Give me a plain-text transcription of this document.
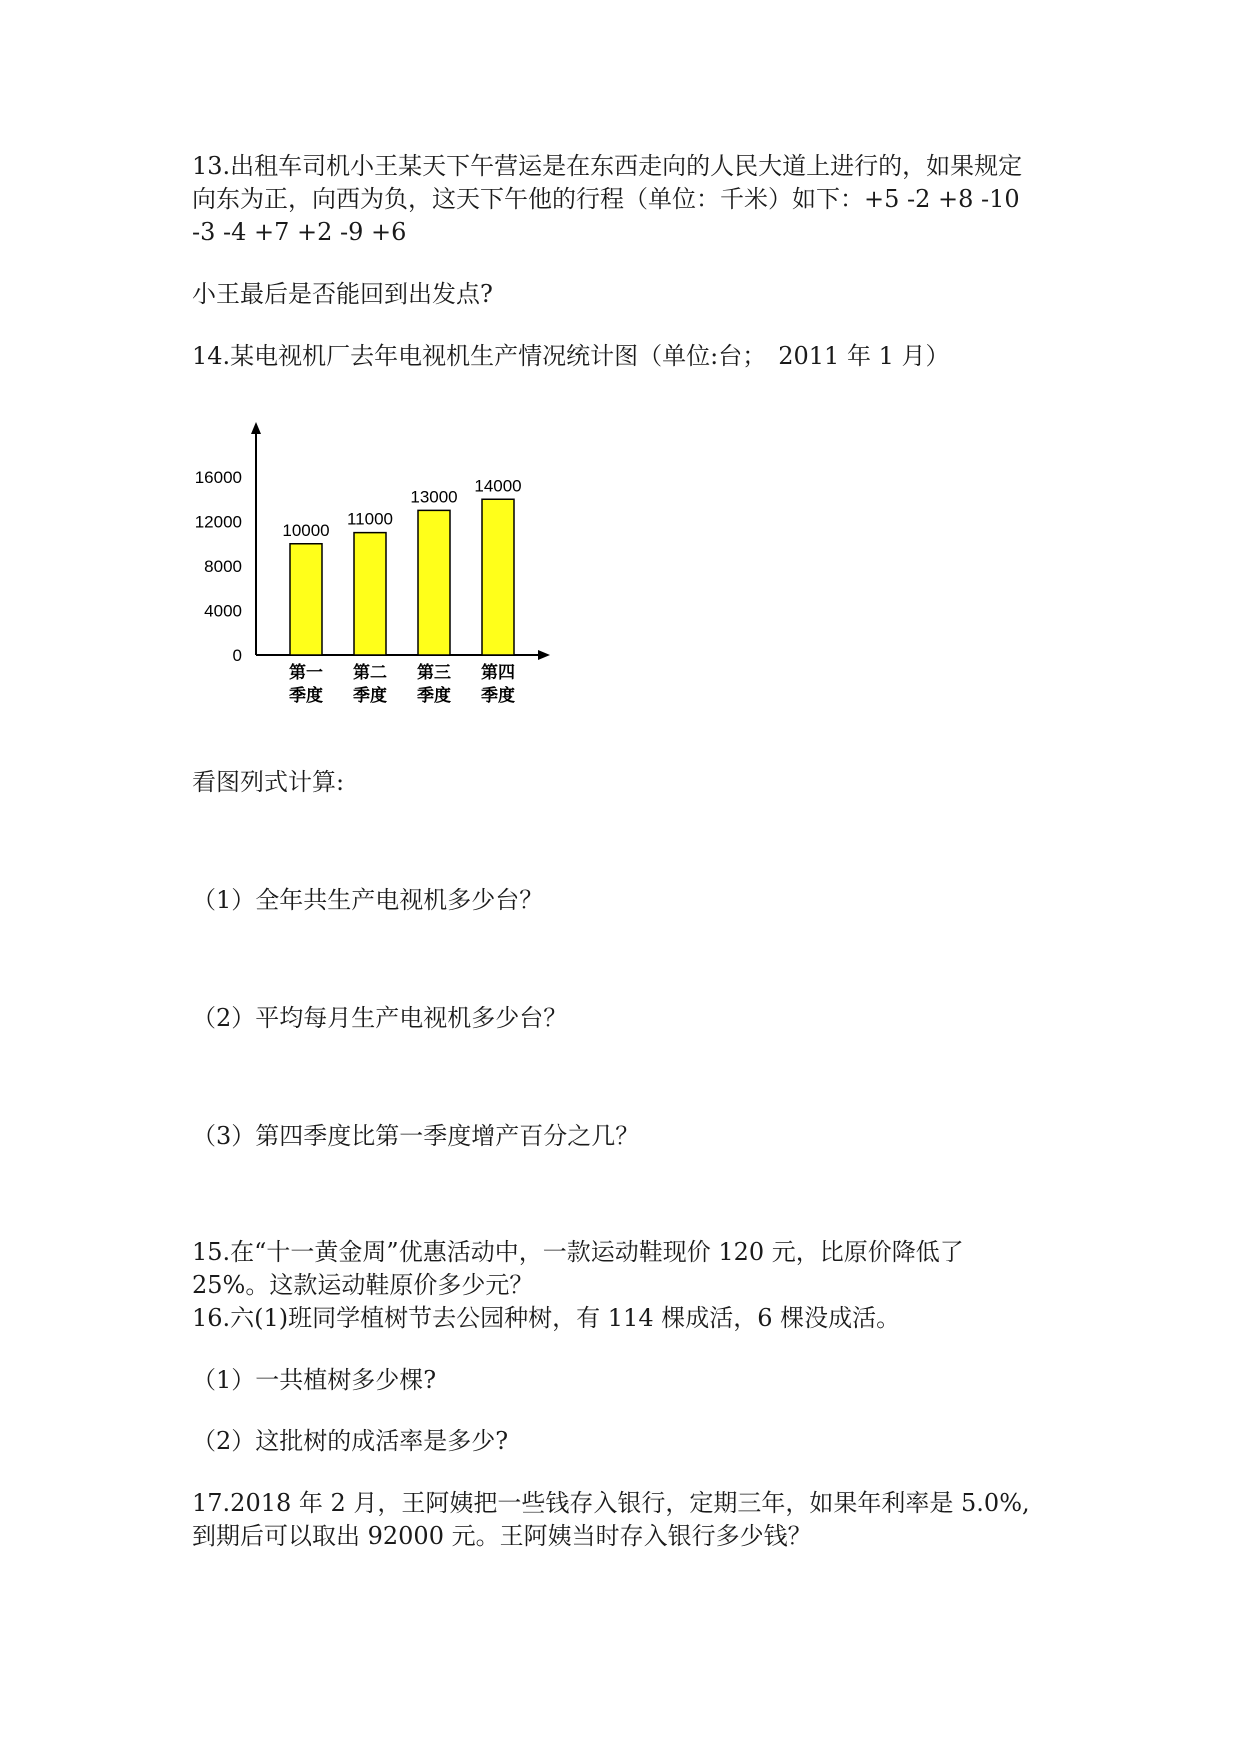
13.出租车司机小王某天下午营运是在东西走向的人民大道上进行的，如果规定

向东为正，向西为负，这天下午他的行程（单位：千米）如下：+5 -2 +8 -10

-3 -4 +7 +2 -9 +6

小王最后是否能回到出发点?

14.某电视机厂去年电视机生产情况统计图（单位:台；　2011 年 1 月）

0
4000
8000
12000
16000
10000
11000
13000
14000
第一
季度
第二
季度
第三
季度
第四
季度

看图列式计算:

（1）全年共生产电视机多少台？

（2）平均每月生产电视机多少台？

（3）第四季度比第一季度增产百分之几？

15.在“十一黄金周”优惠活动中，一款运动鞋现价 120 元，比原价降低了

25%。这款运动鞋原价多少元？

16.六(1)班同学植树节去公园种树，有 114 棵成活，6 棵没成活。

（1）一共植树多少棵?

（2）这批树的成活率是多少?

17.2018 年 2 月，王阿姨把一些钱存入银行，定期三年，如果年利率是 5.0%,

到期后可以取出 92000 元。王阿姨当时存入银行多少钱？
